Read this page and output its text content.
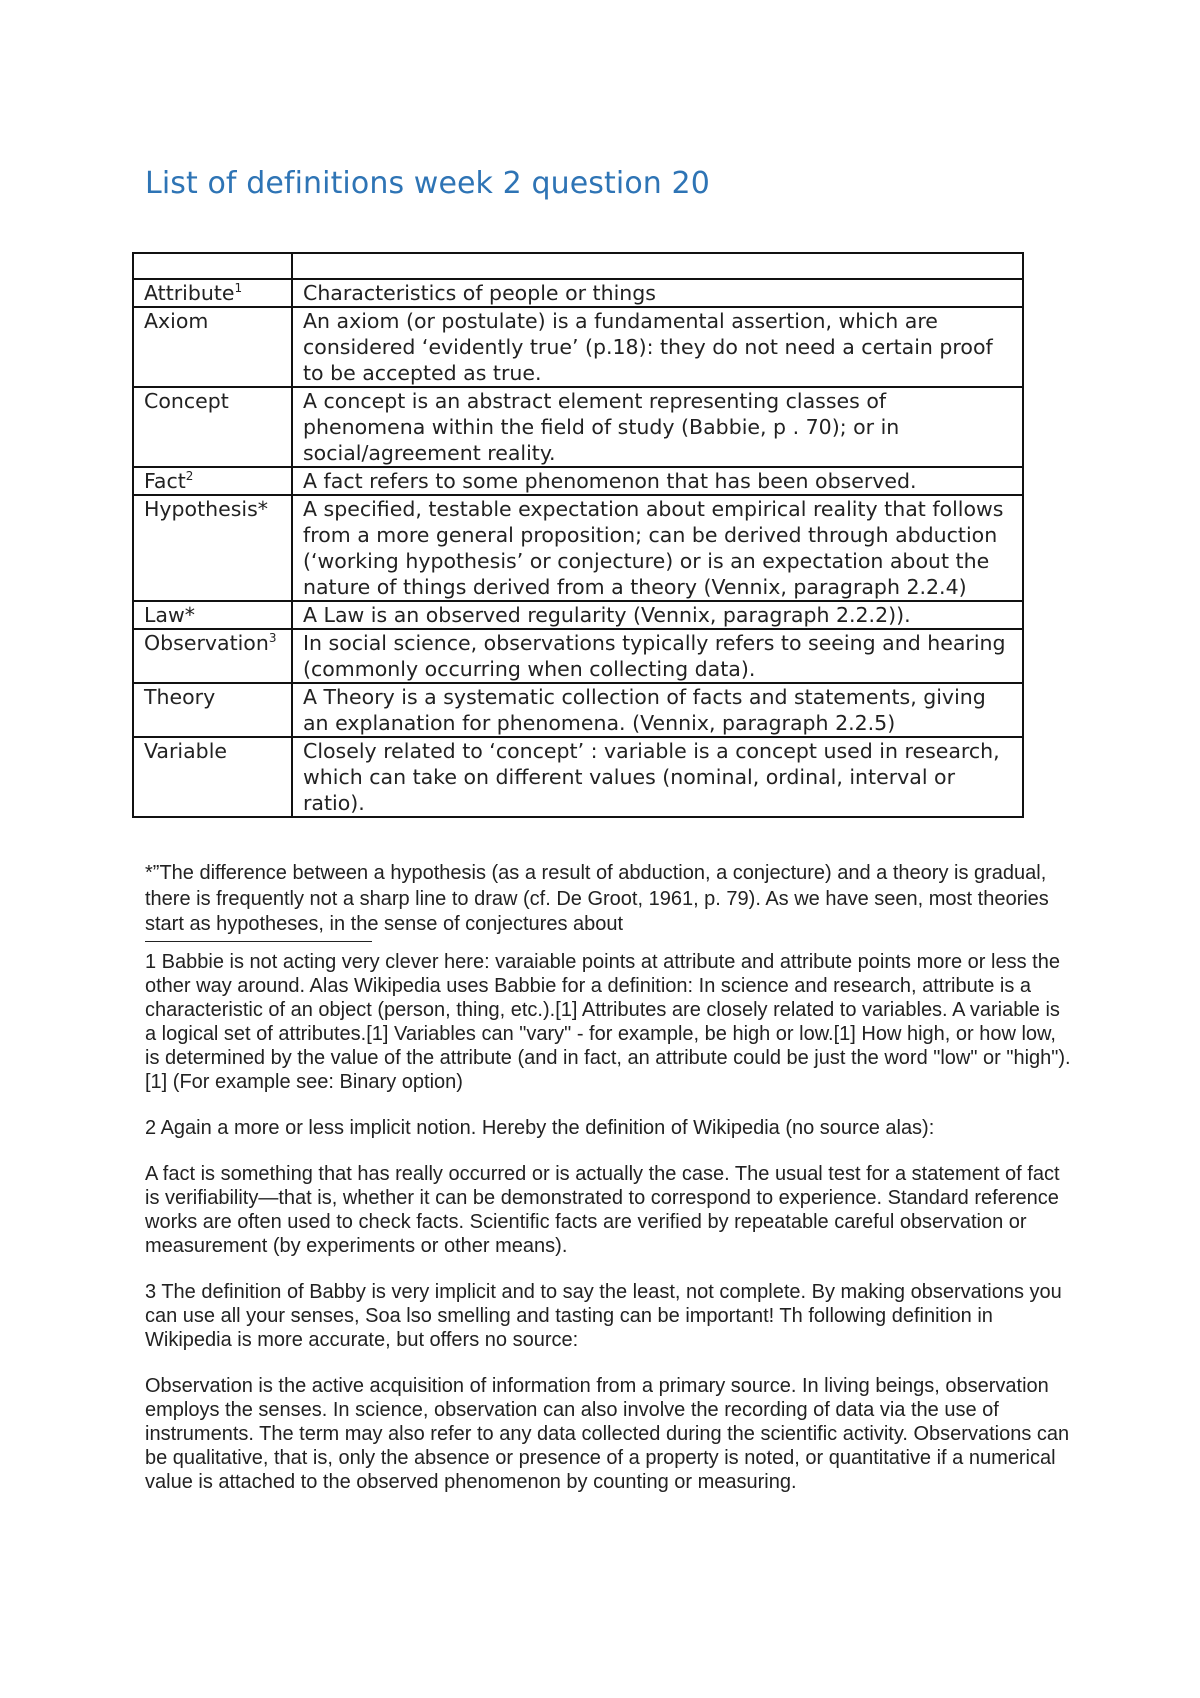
List of definitions week 2 question 20

Attribute$^1$	Characteristics of people or things
Axiom	An axiom (or postulate) is a fundamental assertion, which are considered ‘evidently true’ (p.18): they do not need a certain proof to be accepted as true.
Concept	A concept is an abstract element representing classes of phenomena within the field of study (Babbie, p . 70); or in social/agreement reality.
Fact$^2$	A fact refers to some phenomenon that has been observed.
Hypothesis*	A specified, testable expectation about empirical reality that follows from a more general proposition; can be derived through abduction (‘working hypothesis’ or conjecture) or is an expectation about the nature of things derived from a theory (Vennix, paragraph 2.2.4)
Law*	A Law is an observed regularity (Vennix, paragraph 2.2.2)).
Observation$^3$	In social science, observations typically refers to seeing and hearing (commonly occurring when collecting data).
Theory	A Theory is a systematic collection of facts and statements, giving an explanation for phenomena. (Vennix, paragraph 2.2.5)
Variable	Closely related to ‘concept’ : variable is a concept used in research, which can take on different values (nominal, ordinal, interval or ratio).

*”The difference between a hypothesis (as a result of abduction, a conjecture) and a theory is gradual, there is frequently not a sharp line to draw (cf. De Groot, 1961, p. 79). As we have seen, most theories start as hypotheses, in the sense of conjectures about

1 Babbie is not acting very clever here: varaiable points at attribute and attribute points more or less the other way around. Alas Wikipedia uses Babbie for a definition: In science and research, attribute is a characteristic of an object (person, thing, etc.).[1] Attributes are closely related to variables. A variable is a logical set of attributes.[1] Variables can "vary" - for example, be high or low.[1] How high, or how low, is determined by the value of the attribute (and in fact, an attribute could be just the word "low" or "high").[1] (For example see: Binary option)

2 Again a more or less implicit notion. Hereby the definition of Wikipedia (no source alas):

A fact is something that has really occurred or is actually the case. The usual test for a statement of fact is verifiability—that is, whether it can be demonstrated to correspond to experience. Standard reference works are often used to check facts. Scientific facts are verified by repeatable careful observation or measurement (by experiments or other means).

3 The definition of Babby is very implicit and to say the least, not complete. By making observations you can use all your senses, Soa lso smelling and tasting can be important! Th following definition in Wikipedia is more accurate, but offers no source:

Observation is the active acquisition of information from a primary source. In living beings, observation employs the senses. In science, observation can also involve the recording of data via the use of instruments. The term may also refer to any data collected during the scientific activity. Observations can be qualitative, that is, only the absence or presence of a property is noted, or quantitative if a numerical value is attached to the observed phenomenon by counting or measuring.
